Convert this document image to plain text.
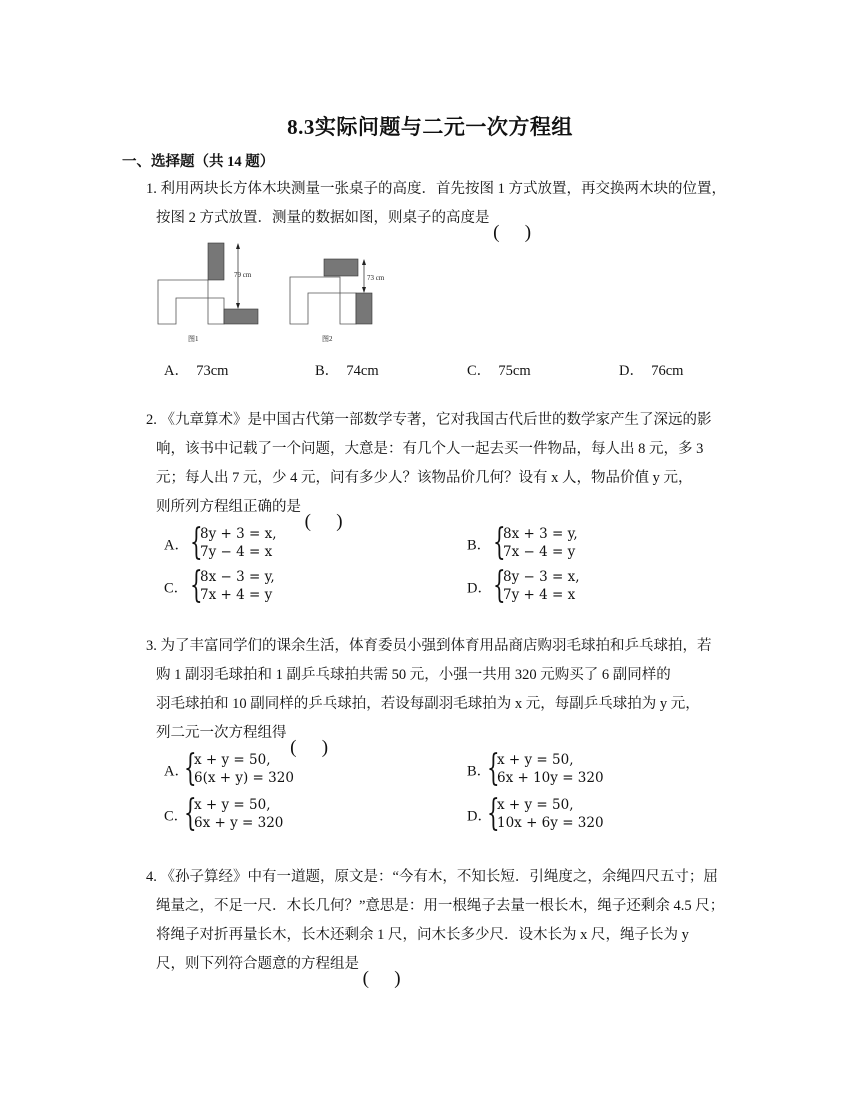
8.3实际问题与二元一次方程组
一、选择题（共 14 题）
1. 利用两块长方体木块测量一张桌子的高度．首先按图 1 方式放置，再交换两木块的位置，
按图 2 方式放置．测量的数据如图，则桌子的高度是
79 cm
图1
73 cm
图2
A． 73cm	B． 74cm	C． 75cm	D． 76cm
2. 《九章算术》是中国古代第一部数学专著，它对我国古代后世的数学家产生了深远的影
响，该书中记载了一个问题，大意是：有几个人一起去买一件物品，每人出 8 元，多 3
元；每人出 7 元，少 4 元，问有多少人？该物品价几何？设有 x 人，物品价值 y 元，
则所列方程组正确的是
A． {
8y + 3 = x,
7y − 4 = x	B． {
8x + 3 = y,
7x − 4 = y
C． {
8x − 3 = y,
7x + 4 = y	D． {
8y − 3 = x,
7y + 4 = x
3. 为了丰富同学们的课余生活，体育委员小强到体育用品商店购羽毛球拍和乒乓球拍，若
购 1 副羽毛球拍和 1 副乒乓球拍共需 50 元，小强一共用 320 元购买了 6 副同样的
羽毛球拍和 10 副同样的乒乓球拍，若设每副羽毛球拍为 x 元，每副乒乓球拍为 y 元，
列二元一次方程组得
A．
{
x + y = 50,
6(x + y) = 320	B．
{
x + y = 50,
6x + 10y = 320
C．
{
x + y = 50,
6x + y = 320	D．
{
x + y = 50,
10x + 6y = 320
4. 《孙子算经》中有一道题，原文是：“今有木，不知长短．引绳度之，余绳四尺五寸；屈
绳量之，不足一尺．木长几何？”意思是：用一根绳子去量一根长木，绳子还剩余 4.5 尺；
将绳子对折再量长木，长木还剩余 1 尺，问木长多少尺．设木长为 x 尺，绳子长为 y
尺，则下列符合题意的方程组是
